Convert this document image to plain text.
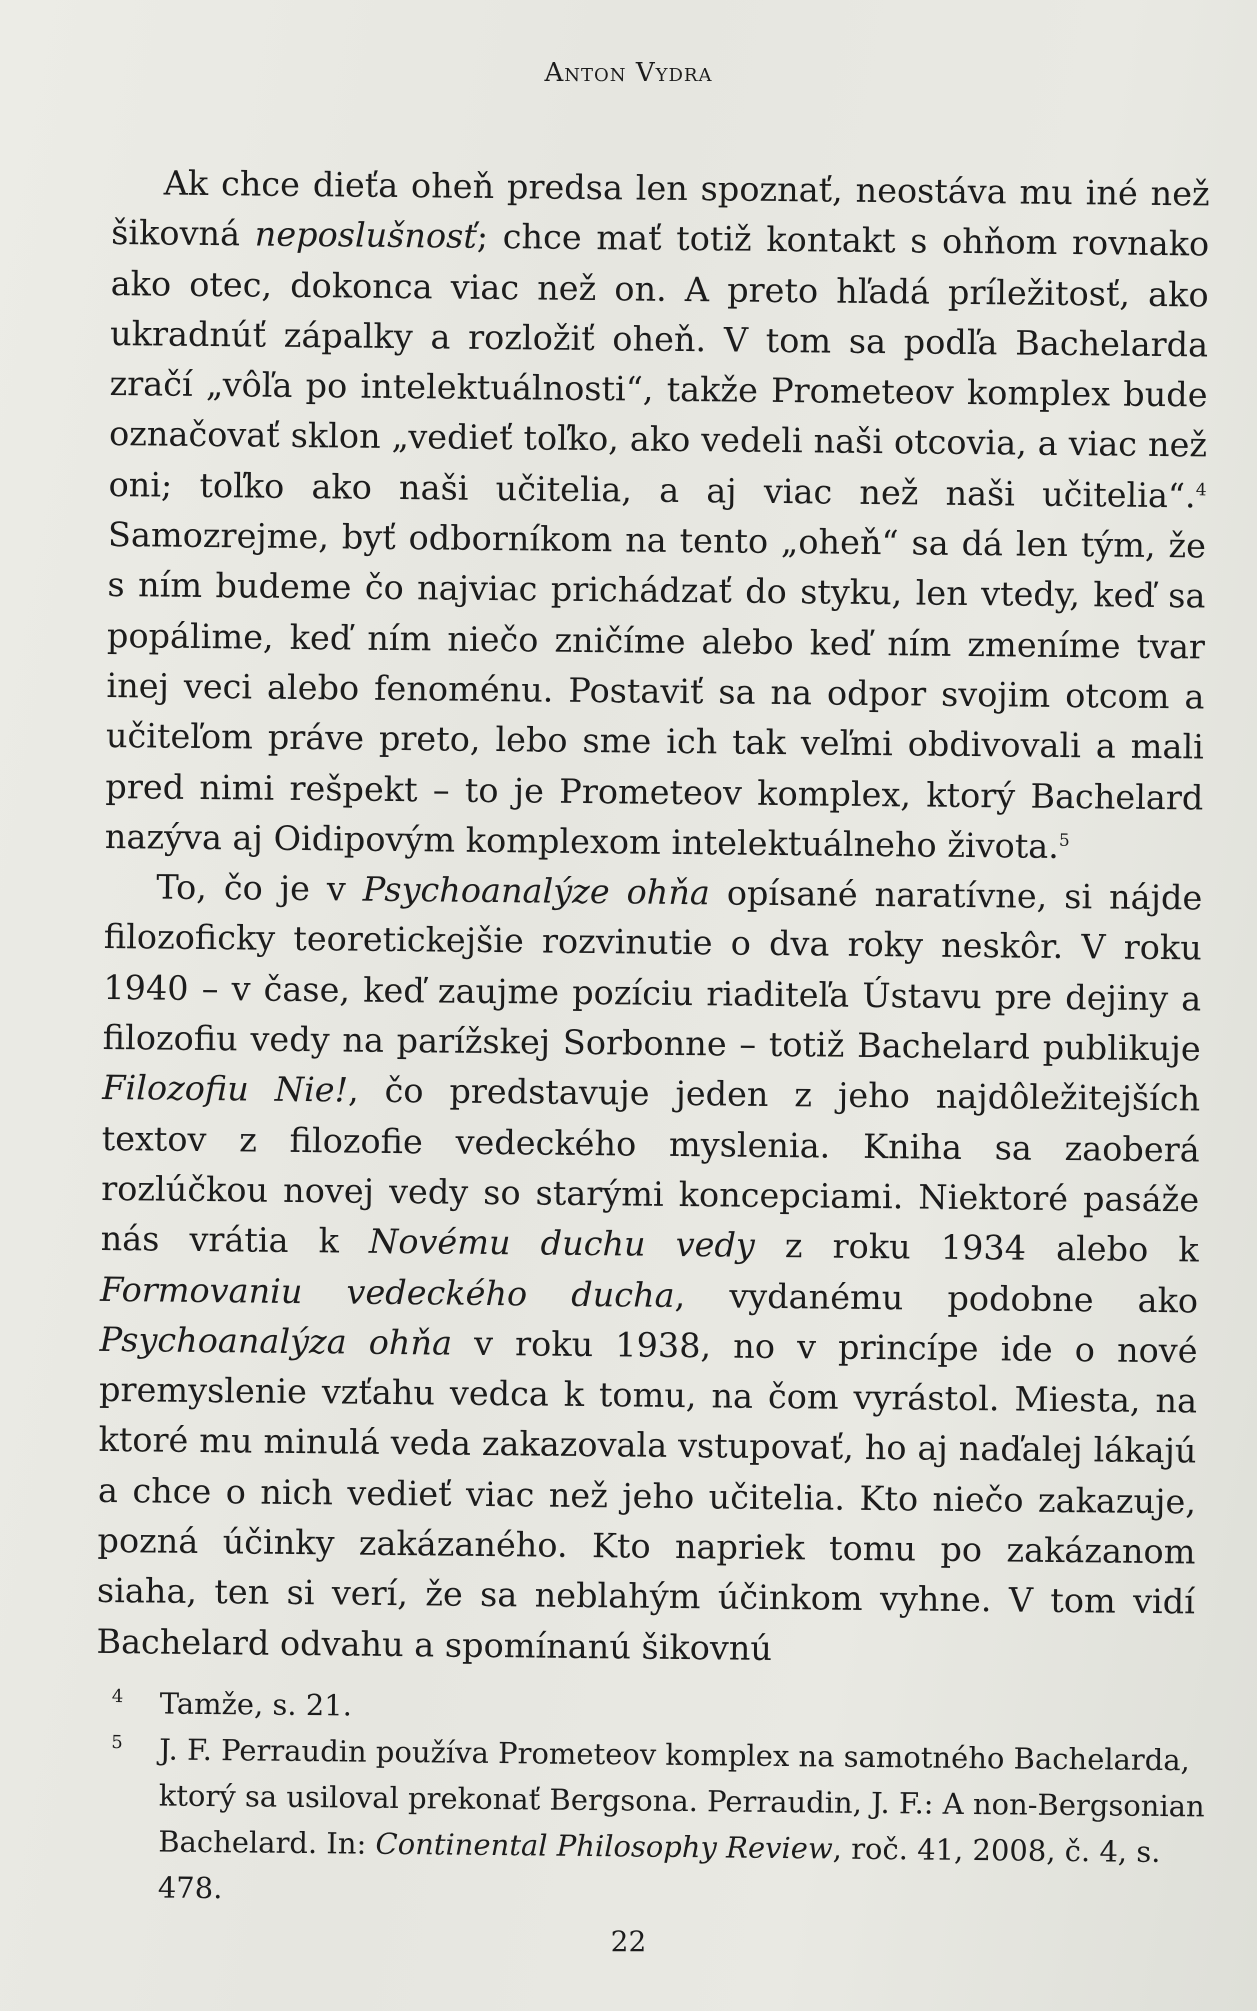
Anton Vydra

Ak chce dieťa oheň predsa len spoznať, neostáva mu iné než šikovná neposlušnosť; chce mať totiž kontakt s ohňom rovnako ako otec, dokonca viac než on. A preto hľadá príležitosť, ako ukradnúť zápalky a rozložiť oheň. V tom sa podľa Bachelarda zračí „vôľa po intelektuálnosti“, takže Prometeov komplex bude označovať sklon „vedieť toľko, ako vedeli naši otcovia, a viac než oni; toľko ako naši učitelia, a aj viac než naši učitelia“.$^4$ Samozrejme, byť odborníkom na tento „oheň“ sa dá len tým, že s ním budeme čo najviac prichádzať do styku, len vtedy, keď sa popálime, keď ním niečo zničíme alebo keď ním zmeníme tvar inej veci alebo fenoménu. Postaviť sa na odpor svojim otcom a učiteľom práve preto, lebo sme ich tak veľmi obdivovali a mali pred nimi rešpekt – to je Prometeov komplex, ktorý Bachelard nazýva aj Oidipovým komplexom intelektuálneho života.$^5$

To, čo je v Psychoanalýze ohňa opísané naratívne, si nájde filozoficky teoretickejšie rozvinutie o dva roky neskôr. V roku 1940 – v čase, keď zaujme pozíciu riaditeľa Ústavu pre dejiny a filozofiu vedy na parížskej Sorbonne – totiž Bachelard publikuje Filozofiu Nie!, čo predstavuje jeden z jeho najdôležitejších textov z filozofie vedeckého myslenia. Kniha sa zaoberá rozlúčkou novej vedy so starými koncepciami. Niektoré pasáže nás vrátia k Novému duchu vedy z roku 1934 alebo k Formovaniu vedeckého ducha, vydanému podobne ako Psychoanalýza ohňa v roku 1938, no v princípe ide o nové premyslenie vzťahu vedca k tomu, na čom vyrástol. Miesta, na ktoré mu minulá veda zakazovala vstupovať, ho aj naďalej lákajú a chce o nich vedieť viac než jeho učitelia. Kto niečo zakazuje, pozná účinky zakázaného. Kto napriek tomu po zakázanom siaha, ten si verí, že sa neblahým účinkom vyhne. V tom vidí Bachelard odvahu a spomínanú šikovnú

4 Tamže, s. 21.
5 J. F. Perraudin používa Prometeov komplex na samotného Bachelarda, ktorý sa usiloval prekonať Bergsona. Perraudin, J. F.: A non-Bergsonian Bachelard. In: Continental Philosophy Review, roč. 41, 2008, č. 4, s. 478.
22
